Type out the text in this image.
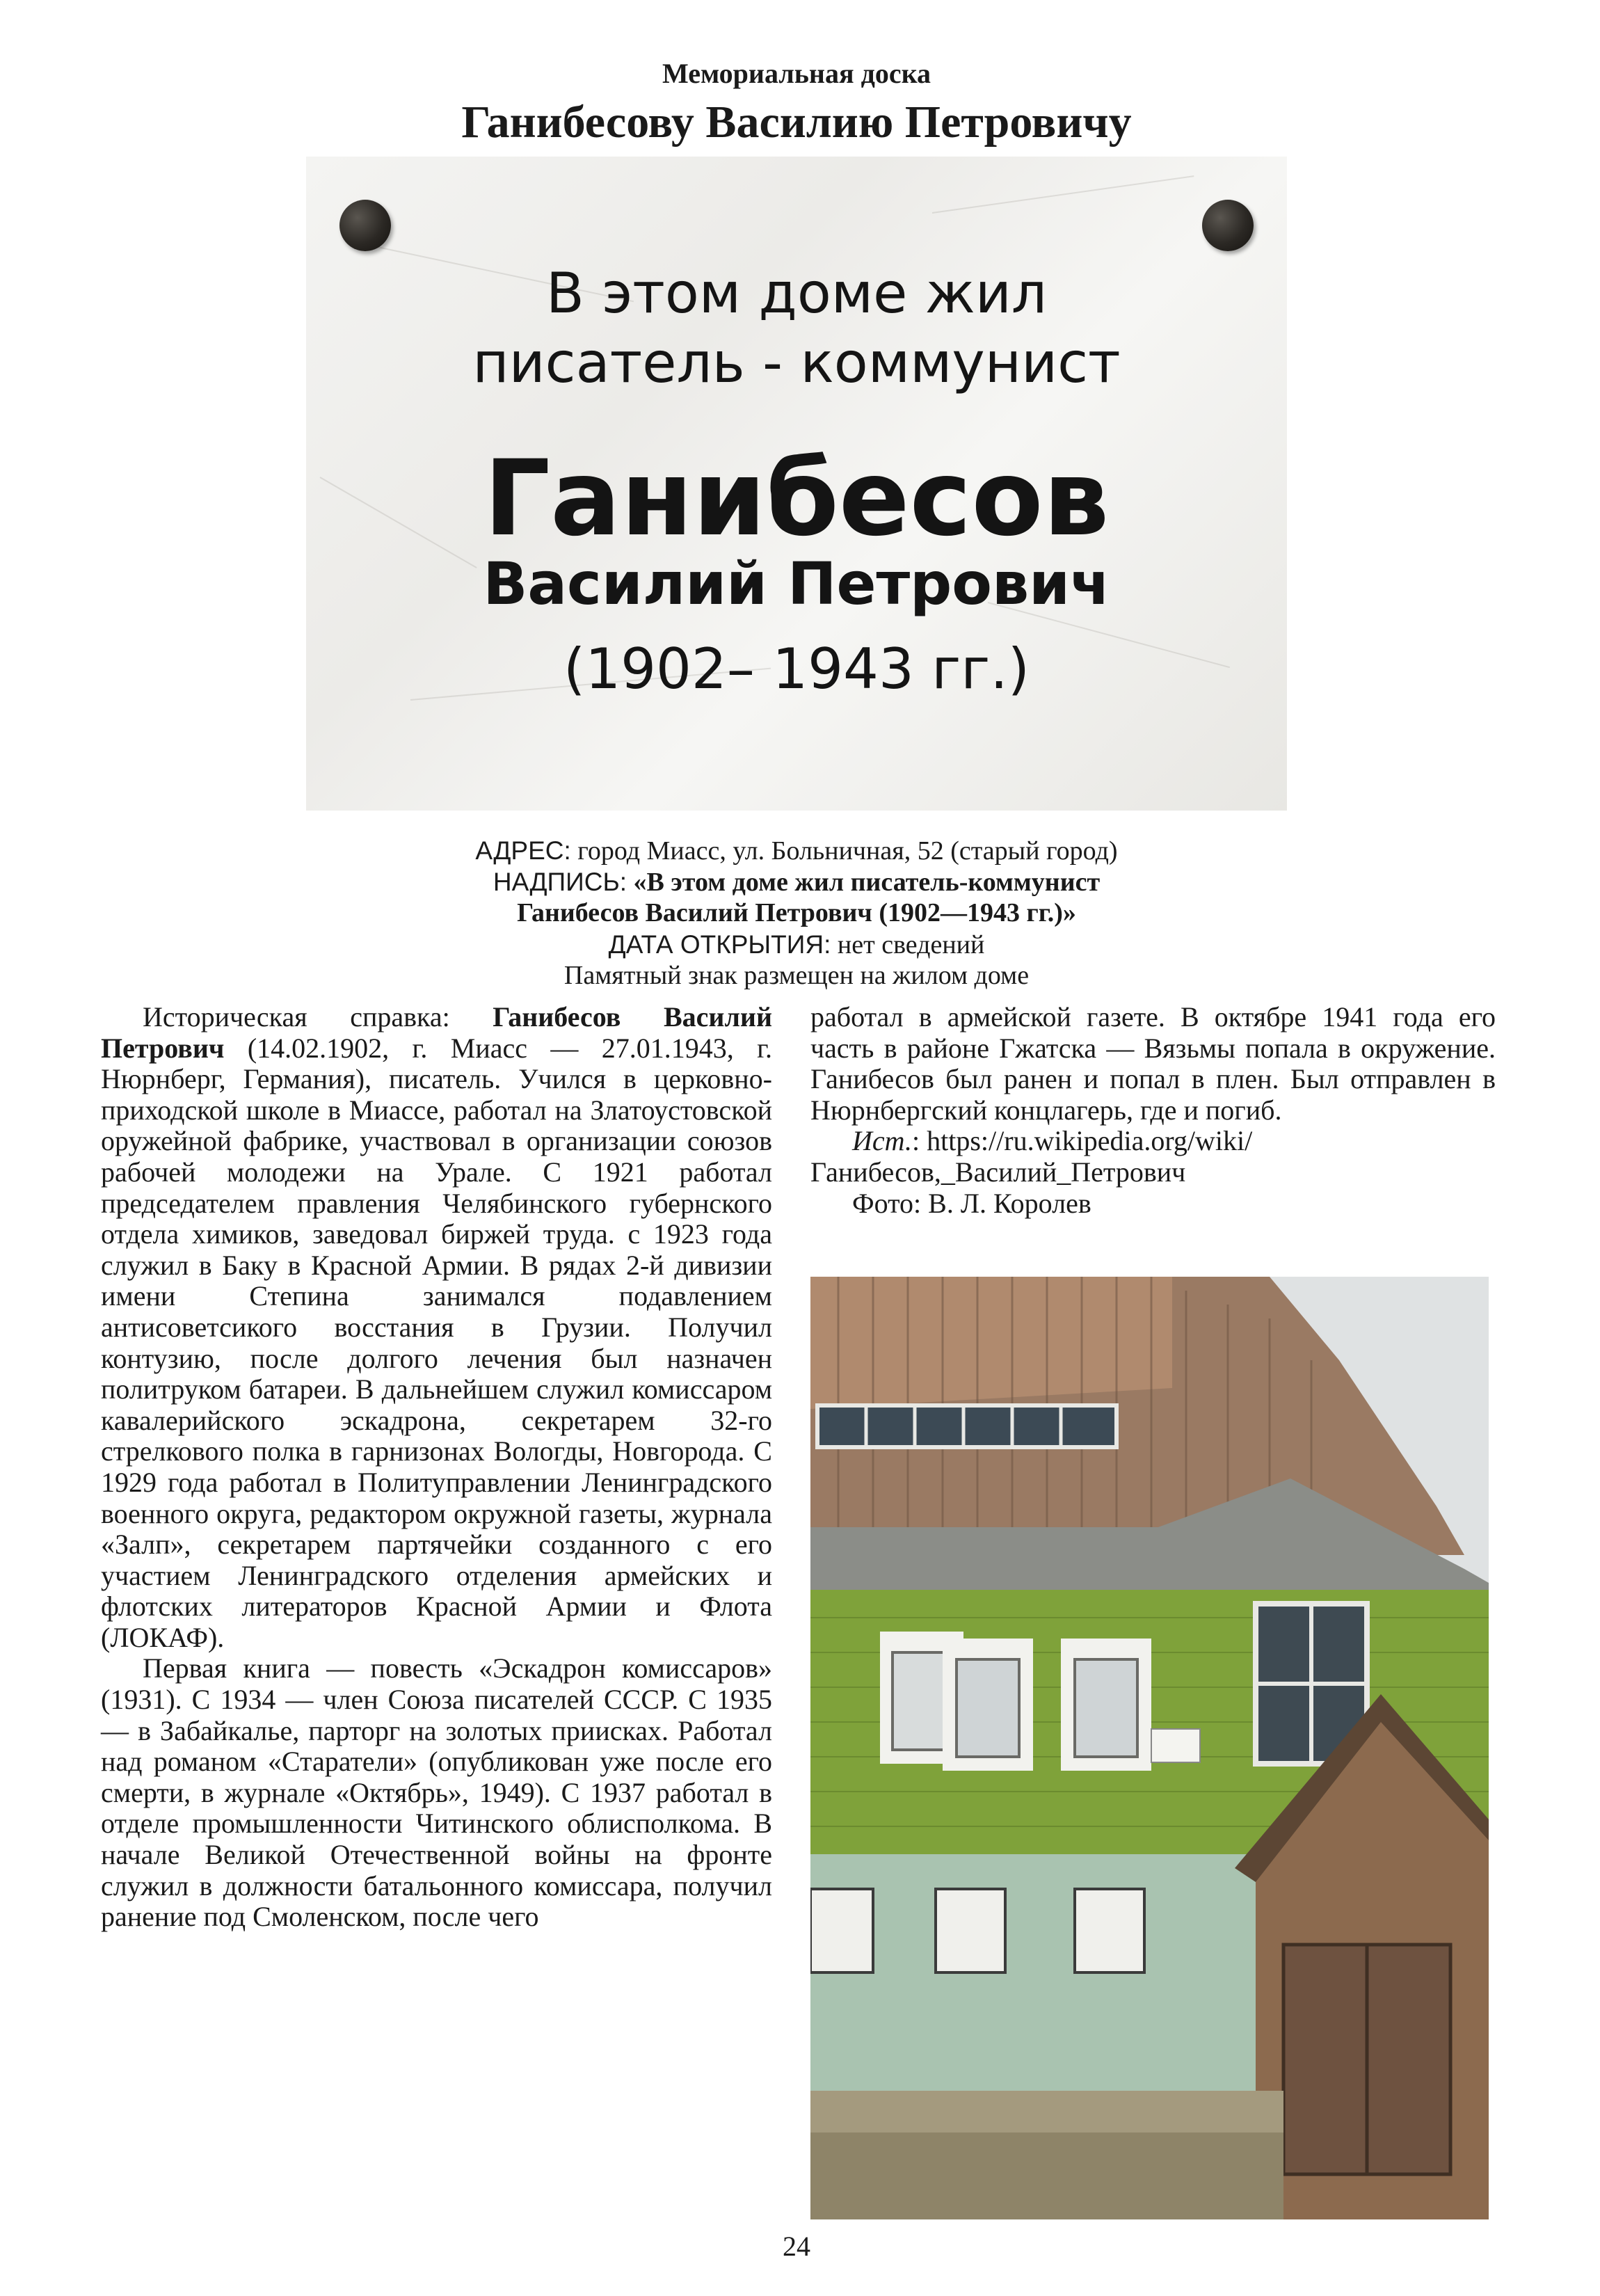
Мемориальная доска
Ганибесову Василию Петровичу
В этом доме жил
писатель - коммунист
Ганибесов
Василий Петрович
(1902– 1943 гг.)
АДРЕС: город Миасс, ул. Больничная, 52 (старый город)
НАДПИСЬ: «В этом доме жил писатель-коммунист
Ганибесов Василий Петрович (1902—1943 гг.)»
ДАТА ОТКРЫТИЯ: нет сведений
Памятный знак размещен на жилом доме

Историческая справка: Ганибесов Василий Петрович (14.02.1902, г. Миасс — 27.01.1943, г. Нюрнберг, Германия), писатель. Учился в церковно-приходской школе в Миассе, работал на Златоустовской оружейной фабрике, участвовал в организации союзов рабочей молодежи на Урале. С 1921 работал председателем правления Челябинского губернского отдела химиков, заведовал биржей труда. с 1923 года служил в Баку в Красной Армии. В рядах 2-й дивизии имени Степина занимался подавлением антисоветсикого восстания в Грузии. Получил контузию, после долгого лечения был назначен политруком батареи. В дальнейшем служил комиссаром кавалерийского эскадрона, секретарем 32-го стрелкового полка в гарнизонах Вологды, Новгорода. С 1929 года работал в Политуправлении Ленинградского военного округа, редактором окружной газеты, журнала «Залп», секретарем партячейки созданного с его участием Ленинградского отделения армейских и флотских литераторов Красной Армии и Флота (ЛОКАФ).

Первая книга — повесть «Эскадрон комиссаров» (1931). С 1934 — член Союза писателей СССР. С 1935 — в Забайкалье, парторг на золотых приисках. Работал над романом «Старатели» (опубликован уже после его смерти, в журнале «Октябрь», 1949). С 1937 работал в отделе промышленности Читинского облисполкома. В начале Великой Отечественной войны на фронте служил в должности батальонного комиссара, получил ранение под Смоленском, после чего

работал в армейской газете. В октябре 1941 года его часть в районе Гжатска — Вязьмы попала в окружение. Ганибесов был ранен и попал в плен. Был отправлен в Нюрнбергский концлагерь, где и погиб.

Ист.: https://ru.wikipedia.org/wiki/Ганибесов,_Василий_Петрович

Фото: В. Л. Королев

24
